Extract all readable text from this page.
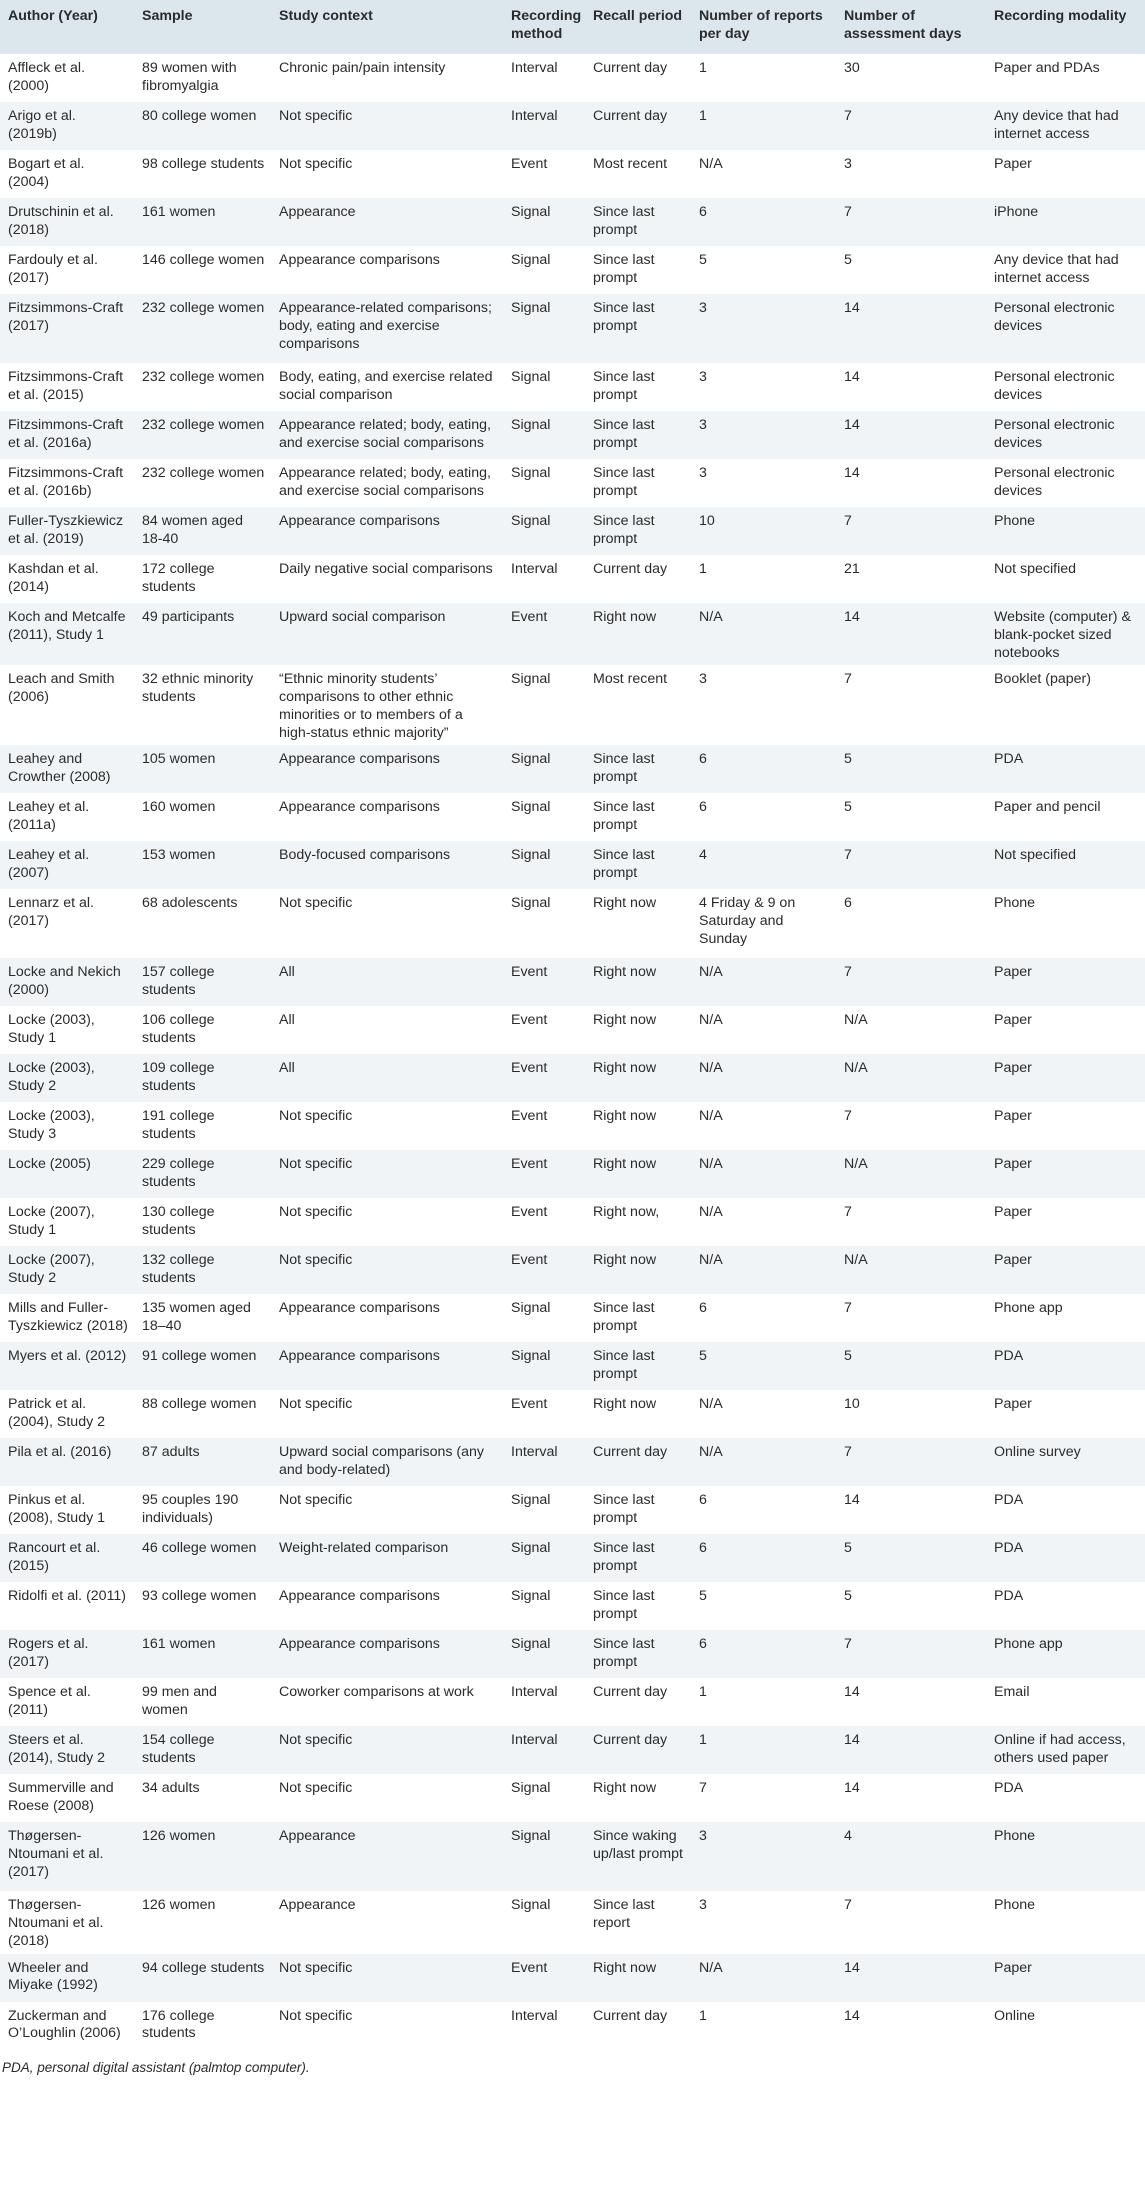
Author (Year)	Sample	Study context	Recording method	Recall period	Number of reports per day	Number of assessment days	Recording modality
Affleck et al. (2000)	89 women with fibromyalgia	Chronic pain/pain intensity	Interval	Current day	1	30	Paper and PDAs
Arigo et al. (2019b)	80 college women	Not specific	Interval	Current day	1	7	Any device that had internet access
Bogart et al. (2004)	98 college students	Not specific	Event	Most recent	N/A	3	Paper
Drutschinin et al. (2018)	161 women	Appearance	Signal	Since last prompt	6	7	iPhone
Fardouly et al. (2017)	146 college women	Appearance comparisons	Signal	Since last prompt	5	5	Any device that had internet access
Fitzsimmons-Craft (2017)	232 college women	Appearance-related comparisons; body, eating and exercise comparisons	Signal	Since last prompt	3	14	Personal electronic devices
Fitzsimmons-Craft et al. (2015)	232 college women	Body, eating, and exercise related social comparison	Signal	Since last prompt	3	14	Personal electronic devices
Fitzsimmons-Craft et al. (2016a)	232 college women	Appearance related; body, eating, and exercise social comparisons	Signal	Since last prompt	3	14	Personal electronic devices
Fitzsimmons-Craft et al. (2016b)	232 college women	Appearance related; body, eating, and exercise social comparisons	Signal	Since last prompt	3	14	Personal electronic devices
Fuller-Tyszkiewicz et al. (2019)	84 women aged 18-40	Appearance comparisons	Signal	Since last prompt	10	7	Phone
Kashdan et al. (2014)	172 college students	Daily negative social comparisons	Interval	Current day	1	21	Not specified
Koch and Metcalfe (2011), Study 1	49 participants	Upward social comparison	Event	Right now	N/A	14	Website (computer) & blank-pocket sized notebooks
Leach and Smith (2006)	32 ethnic minority students	“Ethnic minority students’ comparisons to other ethnic minorities or to members of a high-status ethnic majority”	Signal	Most recent	3	7	Booklet (paper)
Leahey and Crowther (2008)	105 women	Appearance comparisons	Signal	Since last prompt	6	5	PDA
Leahey et al. (2011a)	160 women	Appearance comparisons	Signal	Since last prompt	6	5	Paper and pencil
Leahey et al. (2007)	153 women	Body-focused comparisons	Signal	Since last prompt	4	7	Not specified
Lennarz et al. (2017)	68 adolescents	Not specific	Signal	Right now	4 Friday & 9 on Saturday and Sunday	6	Phone
Locke and Nekich (2000)	157 college students	All	Event	Right now	N/A	7	Paper
Locke (2003), Study 1	106 college students	All	Event	Right now	N/A	N/A	Paper
Locke (2003), Study 2	109 college students	All	Event	Right now	N/A	N/A	Paper
Locke (2003), Study 3	191 college students	Not specific	Event	Right now	N/A	7	Paper
Locke (2005)	229 college students	Not specific	Event	Right now	N/A	N/A	Paper
Locke (2007), Study 1	130 college students	Not specific	Event	Right now,	N/A	7	Paper
Locke (2007), Study 2	132 college students	Not specific	Event	Right now	N/A	N/A	Paper
Mills and Fuller-Tyszkiewicz (2018)	135 women aged 18–40	Appearance comparisons	Signal	Since last prompt	6	7	Phone app
Myers et al. (2012)	91 college women	Appearance comparisons	Signal	Since last prompt	5	5	PDA
Patrick et al. (2004), Study 2	88 college women	Not specific	Event	Right now	N/A	10	Paper
Pila et al. (2016)	87 adults	Upward social comparisons (any and body-related)	Interval	Current day	N/A	7	Online survey
Pinkus et al. (2008), Study 1	95 couples 190 individuals)	Not specific	Signal	Since last prompt	6	14	PDA
Rancourt et al. (2015)	46 college women	Weight-related comparison	Signal	Since last prompt	6	5	PDA
Ridolfi et al. (2011)	93 college women	Appearance comparisons	Signal	Since last prompt	5	5	PDA
Rogers et al. (2017)	161 women	Appearance comparisons	Signal	Since last prompt	6	7	Phone app
Spence et al. (2011)	99 men and women	Coworker comparisons at work	Interval	Current day	1	14	Email
Steers et al. (2014), Study 2	154 college students	Not specific	Interval	Current day	1	14	Online if had access, others used paper
Summerville and Roese (2008)	34 adults	Not specific	Signal	Right now	7	14	PDA
Thøgersen-Ntoumani et al. (2017)	126 women	Appearance	Signal	Since waking up/last prompt	3	4	Phone
Thøgersen-Ntoumani et al. (2018)	126 women	Appearance	Signal	Since last report	3	7	Phone
Wheeler and Miyake (1992)	94 college students	Not specific	Event	Right now	N/A	14	Paper
Zuckerman and O’Loughlin (2006)	176 college students	Not specific	Interval	Current day	1	14	Online
PDA, personal digital assistant (palmtop computer).
